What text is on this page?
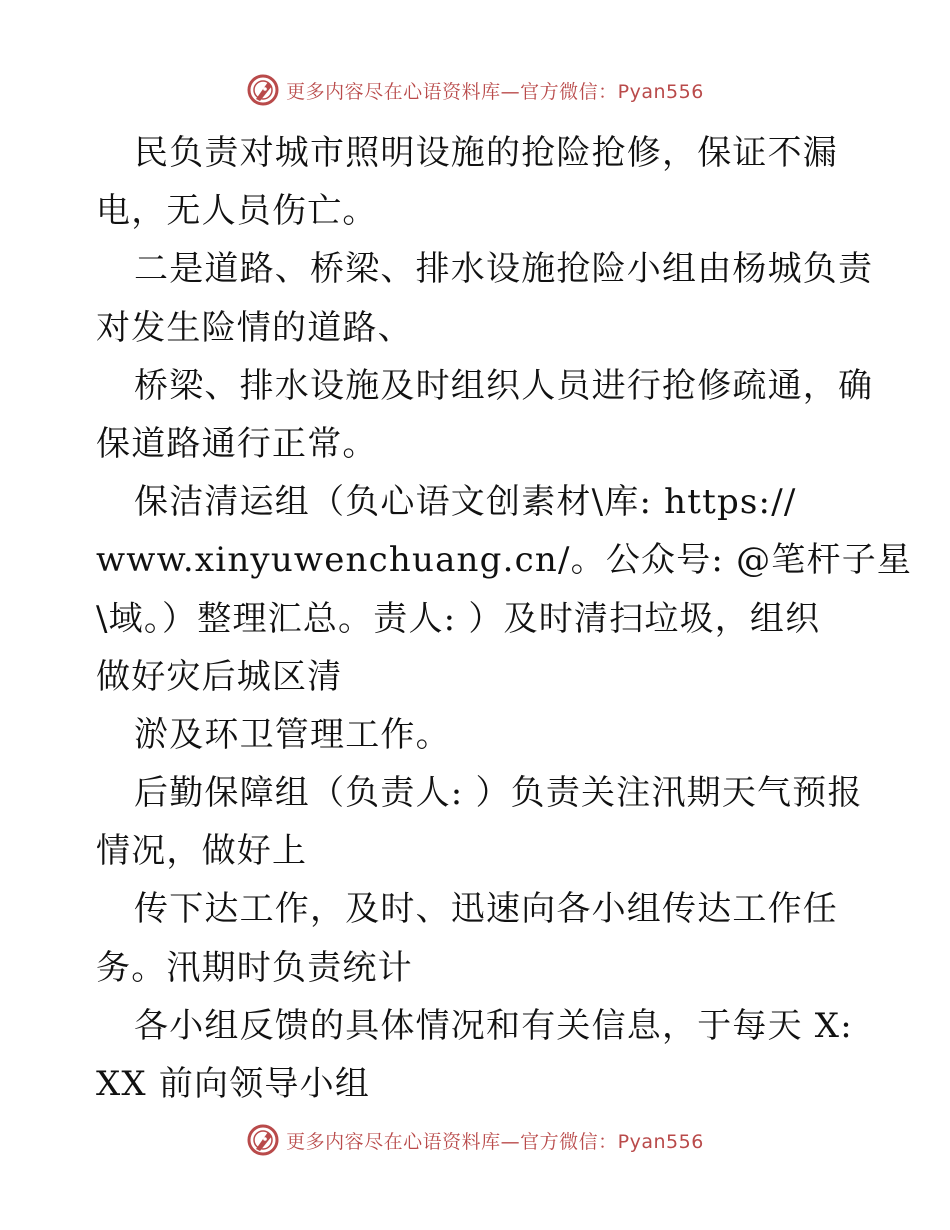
更多内容尽在心语资料库—官方微信：Pyan556
民负责对城市照明设施的抢险抢修，保证不漏
电，无人员伤亡。
二是道路、桥梁、排水设施抢险小组由杨城负责
对发生险情的道路、
桥梁、排水设施及时组织人员进行抢修疏通，确
保道路通行正常。
保洁清运组（负心语文创素材\库: https://
www.xinyuwenchuang.cn/。公众号: @笔杆子星
\域。）整理汇总。责人: ）及时清扫垃圾，组织
做好灾后城区清
淤及环卫管理工作。
后勤保障组（负责人: ）负责关注汛期天气预报
情况，做好上
传下达工作，及时、迅速向各小组传达工作任
务。汛期时负责统计
各小组反馈的具体情况和有关信息，于每天 X:
XX 前向领导小组
更多内容尽在心语资料库—官方微信：Pyan556
